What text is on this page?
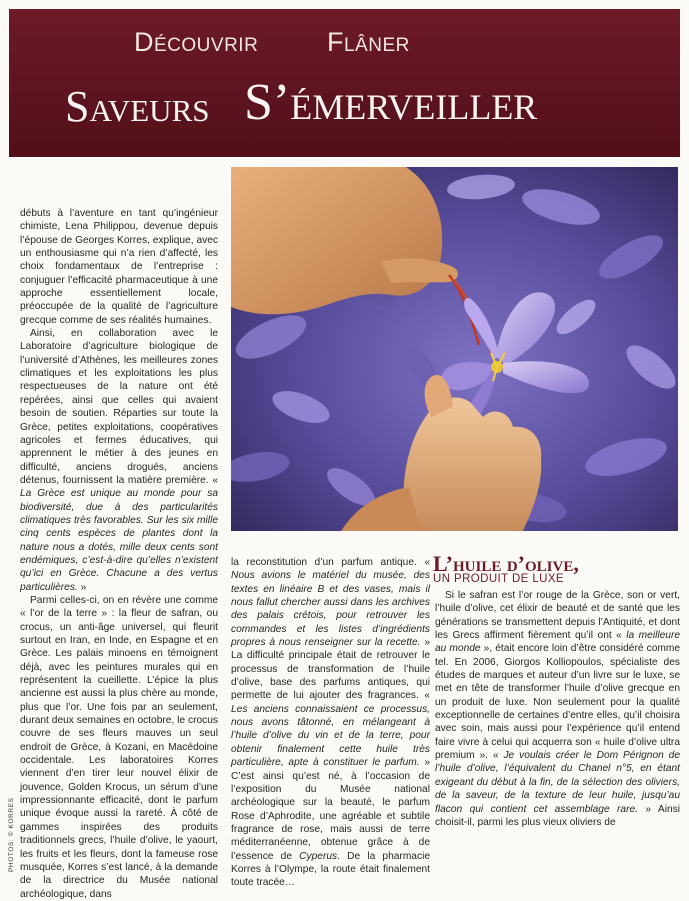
Découvrir	Flâner
Saveurs S’émerveiller

débuts à l’aventure en tant qu’ingénieur chimiste, Lena Philippou, devenue depuis l’épouse de Georges Korres, explique, avec un enthousiasme qui n’a rien d’affecté, les choix fondamentaux de l’entreprise : conjuguer l’efficacité pharmaceutique à une approche essentiellement locale, préoccupée de la qualité de l’agriculture grecque comme de ses réalités humaines.

Ainsi, en collaboration avec le Laboratoire d’agriculture biologique de l’université d’Athènes, les meilleures zones climatiques et les exploitations les plus respectueuses de la nature ont été repérées, ainsi que celles qui avaient besoin de soutien. Réparties sur toute la Grèce, petites exploitations, coopératives agricoles et fermes éducatives, qui apprennent le métier à des jeunes en difficulté, anciens drogués, anciens détenus, fournissent la matière première. « La Grèce est unique au monde pour sa biodiversité, due à des particularités climatiques très favorables. Sur les six mille cinq cents espèces de plantes dont la nature nous a dotés, mille deux cents sont endémiques, c’est-à-dire qu’elles n’existent qu’ici en Grèce. Chacune a des vertus particulières. »

Parmi celles-ci, on en révère une comme « l’or de la terre » : la fleur de safran, ou crocus, un anti-âge universel, qui fleurit surtout en Iran, en Inde, en Espagne et en Grèce. Les palais minoens en témoignent déjà, avec les peintures murales qui en représentent la cueillette. L’épice la plus ancienne est aussi la plus chère au monde, plus que l’or. Une fois par an seulement, durant deux semaines en octobre, le crocus couvre de ses fleurs mauves un seul endroit de Grèce, à Kozani, en Macédoine occidentale. Les laboratoires Korres viennent d’en tirer leur nouvel élixir de jouvence, Golden Krocus, un sérum d’une impressionnante efficacité, dont le parfum unique évoque aussi la rareté. À côté de gammes inspirées des produits traditionnels grecs, l’huile d’olive, le yaourt, les fruits et les fleurs, dont la fameuse rose musquée, Korres s’est lancé, à la demande de la directrice du Musée national archéologique, dans

la reconstitution d’un parfum antique. « Nous avions le matériel du musée, des textes en linéaire B et des vases, mais il nous fallut chercher aussi dans les archives des palais crétois, pour retrouver les commandes et les listes d’ingrédients propres à nous renseigner sur la recette. » La difficulté principale était de retrouver le processus de transformation de l’huile d’olive, base des parfums antiques, qui permette de lui ajouter des fragrances. « Les anciens connaissaient ce processus, nous avons tâtonné, en mélangeant à l’huile d’olive du vin et de la terre, pour obtenir finalement cette huile très particulière, apte à constituer le parfum. » C’est ainsi qu’est né, à l’occasion de l’exposition du Musée national archéologique sur la beauté, le parfum Rose d’Aphrodite, une agréable et subtile fragrance de rose, mais aussi de terre méditerranéenne, obtenue grâce à de l’essence de Cyperus. De la pharmacie Korres à l’Olympe, la route était finalement toute tracée…

L’huile d’olive,

UN PRODUIT DE LUXE

Si le safran est l’or rouge de la Grèce, son or vert, l’huile d’olive, cet élixir de beauté et de santé que les générations se transmettent depuis l’Antiquité, et dont les Grecs affirment fièrement qu’il ont « la meilleure au monde », était encore loin d’être considéré comme tel. En 2006, Giorgos Kolliopoulos, spécialiste des études de marques et auteur d’un livre sur le luxe, se met en tête de transformer l’huile d’olive grecque en un produit de luxe. Non seulement pour la qualité exceptionnelle de certaines d’entre elles, qu’il choisira avec soin, mais aussi pour l’expérience qu’il entend faire vivre à celui qui acquerra son « huile d’olive ultra premium ». « Je voulais créer le Dom Pérignon de l’huile d’olive, l’équivalent du Chanel n°5, en étant exigeant du début à la fin, de la sélection des oliviers, de la saveur, de la texture de leur huile, jusqu’au flacon qui contient cet assemblage rare. » Ainsi choisit-il, parmi les plus vieux oliviers de

PHOTOS: © KORRES
